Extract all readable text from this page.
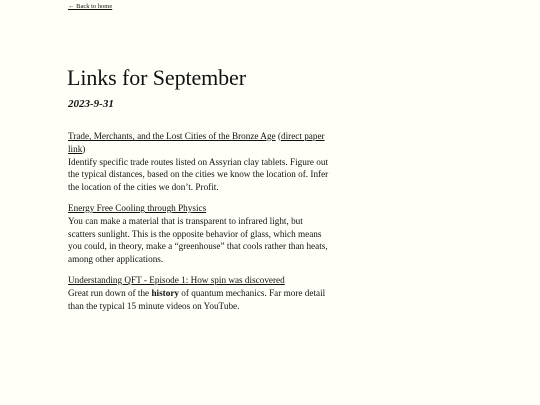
← Back to home
Links for September
2023-9-31
Trade, Merchants, and the Lost Cities of the Bronze Age (direct paper link)

Identify specific trade routes listed on Assyrian clay tablets. Figure out the typical distances, based on the cities we know the location of. Infer the location of the cities we don’t. Profit.

Energy Free Cooling through Physics

You can make a material that is transparent to infrared light, but scatters sunlight. This is the opposite behavior of glass, which means you could, in theory, make a “greenhouse” that cools rather than heats, among other applications.

Understanding QFT - Episode 1: How spin was discovered

Great run down of the history of quantum mechanics. Far more detail than the typical 15 minute videos on YouTube.
